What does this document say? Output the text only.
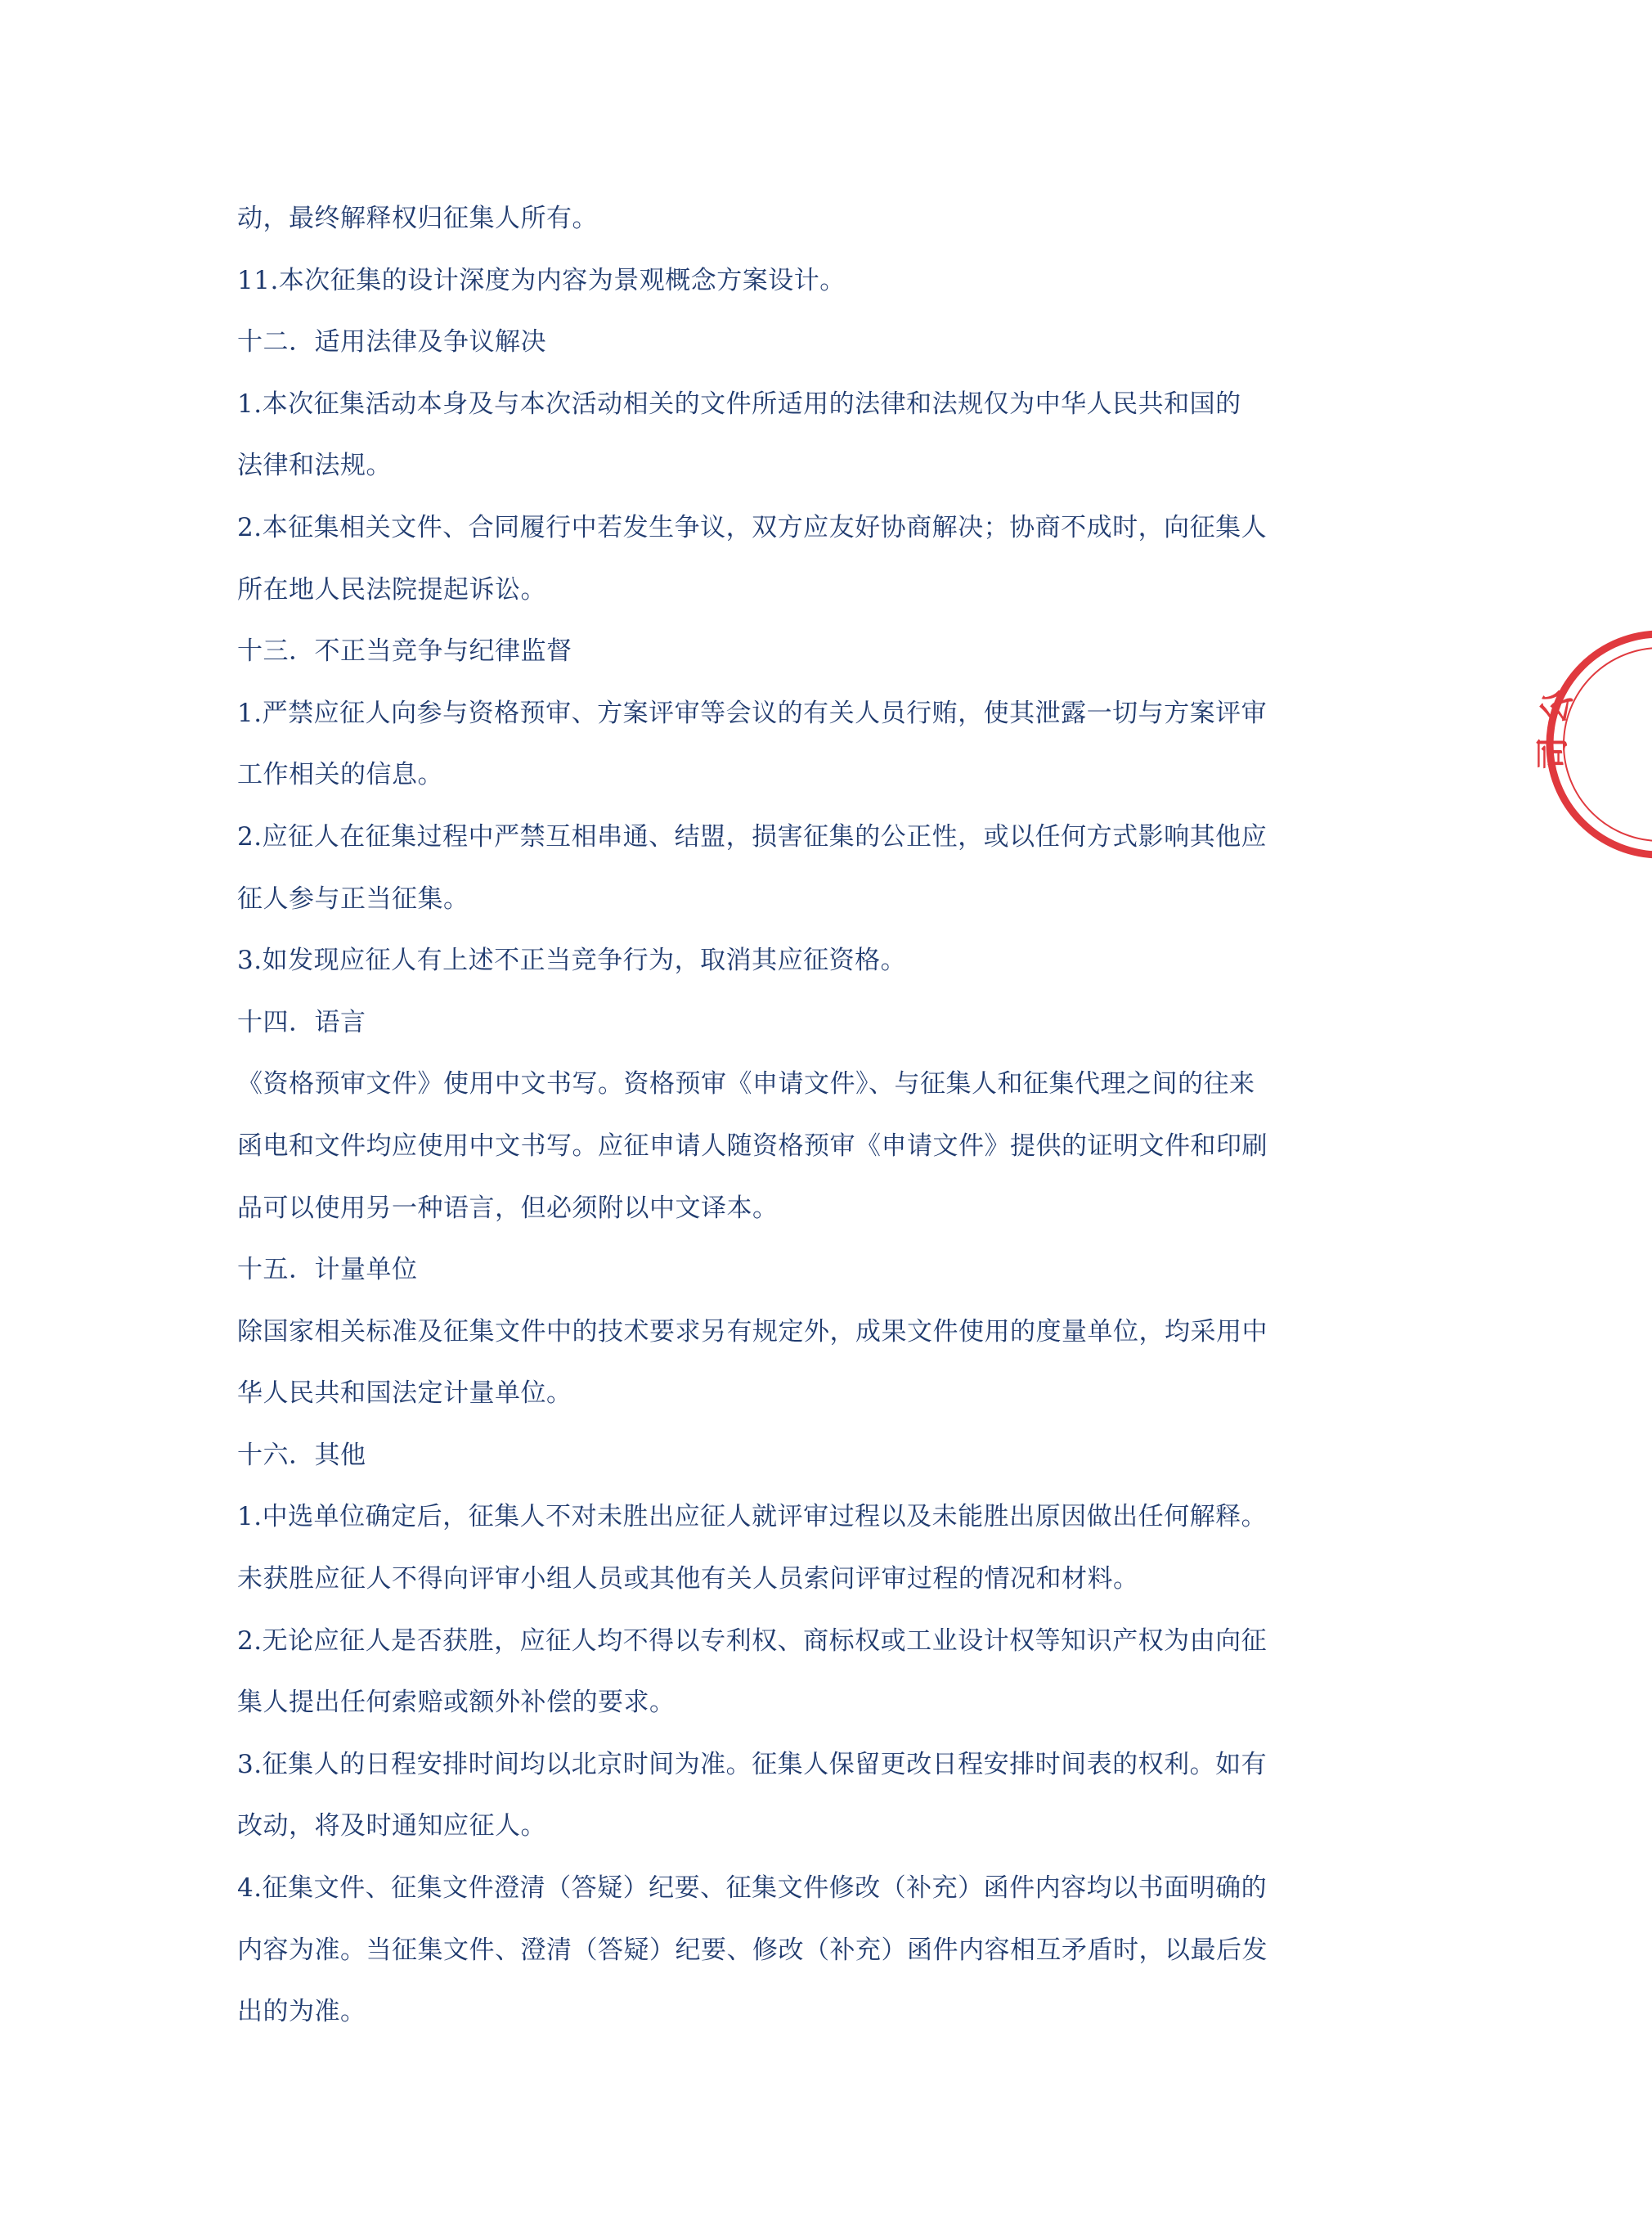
动，最终解释权归征集人所有。
11.本次征集的设计深度为内容为景观概念方案设计。
十二．适用法律及争议解决
1.本次征集活动本身及与本次活动相关的文件所适用的法律和法规仅为中华人民共和国的
法律和法规。
2.本征集相关文件、合同履行中若发生争议，双方应友好协商解决；协商不成时，向征集人
所在地人民法院提起诉讼。
十三．不正当竞争与纪律监督
1.严禁应征人向参与资格预审、方案评审等会议的有关人员行贿，使其泄露一切与方案评审
工作相关的信息。
2.应征人在征集过程中严禁互相串通、结盟，损害征集的公正性，或以任何方式影响其他应
征人参与正当征集。
3.如发现应征人有上述不正当竞争行为，取消其应征资格。
十四．语言
《资格预审文件》使用中文书写。资格预审《申请文件》、与征集人和征集代理之间的往来
函电和文件均应使用中文书写。应征申请人随资格预审《申请文件》提供的证明文件和印刷
品可以使用另一种语言，但必须附以中文译本。
十五．计量单位
除国家相关标准及征集文件中的技术要求另有规定外，成果文件使用的度量单位，均采用中
华人民共和国法定计量单位。
十六．其他
1.中选单位确定后，征集人不对未胜出应征人就评审过程以及未能胜出原因做出任何解释。
未获胜应征人不得向评审小组人员或其他有关人员索问评审过程的情况和材料。
2.无论应征人是否获胜，应征人均不得以专利权、商标权或工业设计权等知识产权为由向征
集人提出任何索赔或额外补偿的要求。
3.征集人的日程安排时间均以北京时间为准。征集人保留更改日程安排时间表的权利。如有
改动，将及时通知应征人。
4.征集文件、征集文件澄清（答疑）纪要、征集文件修改（补充）函件内容均以书面明确的
内容为准。当征集文件、澄清（答疑）纪要、修改（补充）函件内容相互矛盾时，以最后发
出的为准。
公
司
